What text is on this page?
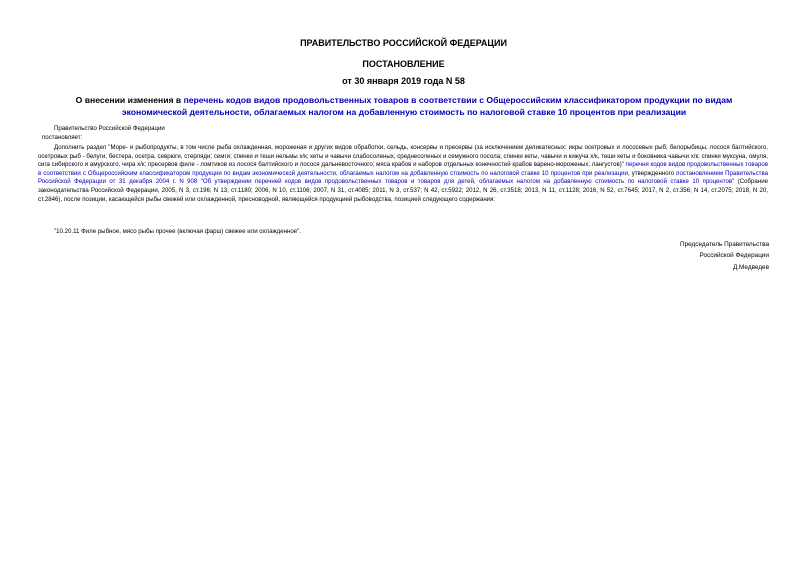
ПРАВИТЕЛЬСТВО РОССИЙСКОЙ ФЕДЕРАЦИИ
ПОСТАНОВЛЕНИЕ
от 30 января 2019 года N 58
О внесении изменения в перечень кодов видов продовольственных товаров в соответствии с Общероссийским классификатором продукции по видам экономической деятельности, облагаемых налогом на добавленную стоимость по налоговой ставке 10 процентов при реализации
Правительство Российской Федерации
постановляет:
Дополнить раздел "Море- и рыбопродукты, в том числе рыба охлажденная, мороженая и других видов обработки, сельдь, консервы и пресервы (за исключением деликатесных: икры осетровых и лососевых рыб; белорыбицы, лосося балтийского, осетровых рыб - белуги, бестера, осетра, севрюги, стерляди; семги; спинки и теши нельмы х/к; кеты и чавычи слабосоленых, среднесоленых и семужного посола; спинки кеты, чавычи и кижуча х/к, теши кеты и боковника чавычи х/к; спинки муксуна, омуля, сига сибирского и амурского, чира х/к; пресервов филе - ломтиков из лосося балтийского и лосося дальневосточного; мяса крабов и наборов отдельных конечностей крабов варено-мороженых; лангустов)" перечня кодов видов продовольственных товаров в соответствии с Общероссийским классификатором продукции по видам экономической деятельности, облагаемых налогом на добавленную стоимость по налоговой ставке 10 процентов при реализации, утвержденного постановлением Правительства Российской Федерации от 31 декабря 2004 г. N 908 "Об утверждении перечней кодов видов продовольственных товаров и товаров для детей, облагаемых налогом на добавленную стоимость по налоговой ставке 10 процентов" (Собрание законодательства Российской Федерации, 2005, N 3, ст.196; N 13, ст.1180; 2006, N 10, ст.1106; 2007, N 31, ст.4085; 2011, N 3, ст.537; N 42, ст.5922; 2012, N 26, ст.3518; 2013, N 11, ст.1128; 2016, N 52, ст.7645; 2017, N 2, ст.356; N 14, ст.2075; 2018, N 20, ст.2846), после позиции, касающейся рыбы свежей или охлажденной, пресноводной, являющейся продукцией рыбоводства, позицией следующего содержания:
"10.20.11 Филе рыбное, мясо рыбы прочее (включая фарш) свежее или охлажденное".
Председатель Правительства
Российской Федерации
Д.Медведев
